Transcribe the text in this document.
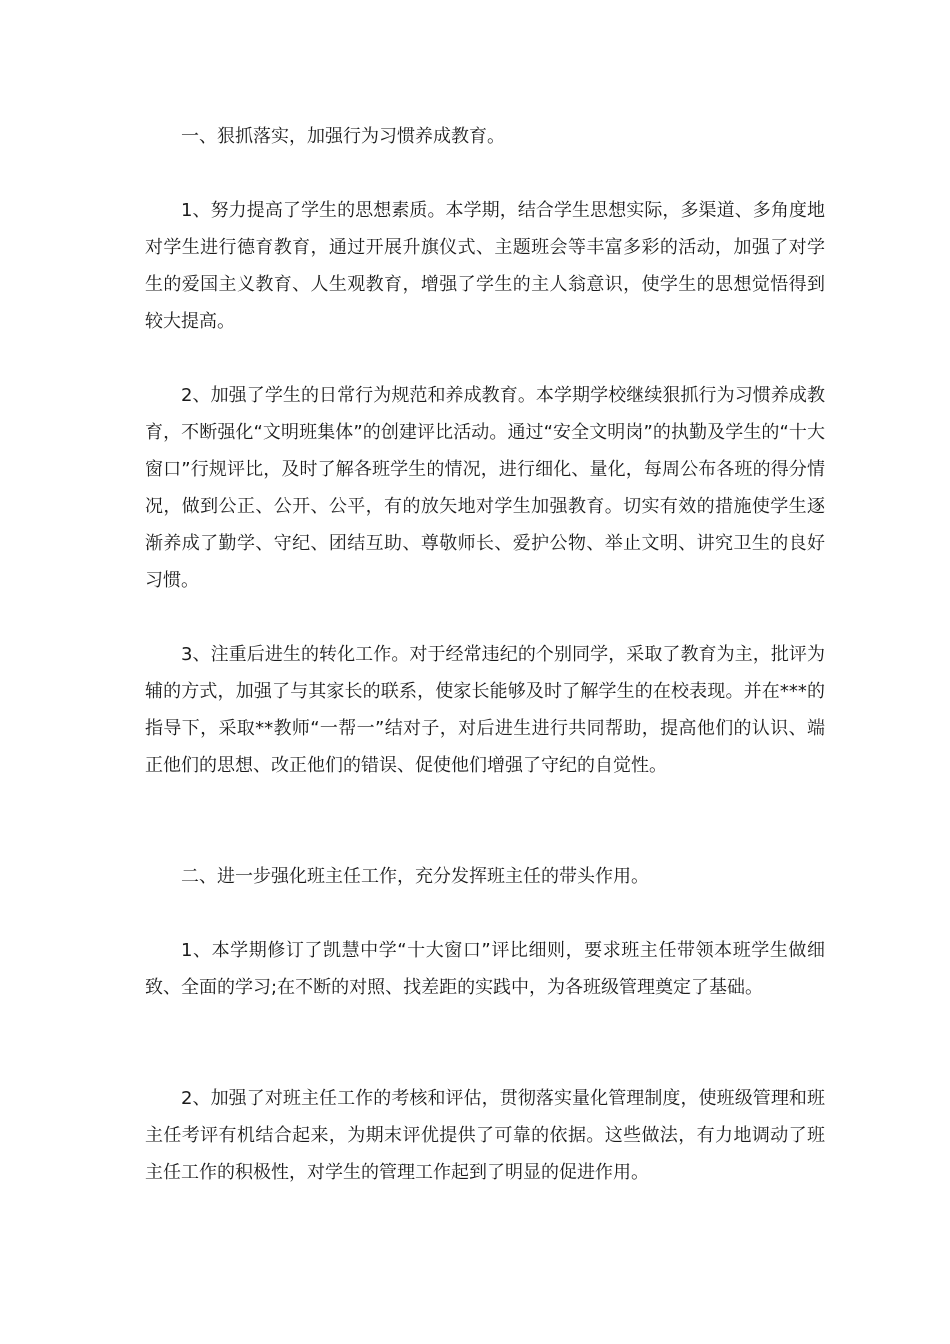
一、狠抓落实，加强行为习惯养成教育。

1、努力提高了学生的思想素质。本学期，结合学生思想实际，多渠道、多角度地对学生进行德育教育，通过开展升旗仪式、主题班会等丰富多彩的活动，加强了对学生的爱国主义教育、人生观教育，增强了学生的主人翁意识，使学生的思想觉悟得到较大提高。

2、加强了学生的日常行为规范和养成教育。本学期学校继续狠抓行为习惯养成教育，不断强化“文明班集体”的创建评比活动。通过“安全文明岗”的执勤及学生的“十大窗口”行规评比，及时了解各班学生的情况，进行细化、量化，每周公布各班的得分情况，做到公正、公开、公平，有的放矢地对学生加强教育。切实有效的措施使学生逐渐养成了勤学、守纪、团结互助、尊敬师长、爱护公物、举止文明、讲究卫生的良好习惯。

3、注重后进生的转化工作。对于经常违纪的个别同学，采取了教育为主，批评为辅的方式，加强了与其家长的联系，使家长能够及时了解学生的在校表现。并在***的指导下，采取**教师“一帮一”结对子，对后进生进行共同帮助，提高他们的认识、端正他们的思想、改正他们的错误、促使他们增强了守纪的自觉性。

二、进一步强化班主任工作，充分发挥班主任的带头作用。

1、本学期修订了凯慧中学“十大窗口”评比细则，要求班主任带领本班学生做细致、全面的学习;在不断的对照、找差距的实践中，为各班级管理奠定了基础。

2、加强了对班主任工作的考核和评估，贯彻落实量化管理制度，使班级管理和班主任考评有机结合起来，为期末评优提供了可靠的依据。这些做法，有力地调动了班主任工作的积极性，对学生的管理工作起到了明显的促进作用。
